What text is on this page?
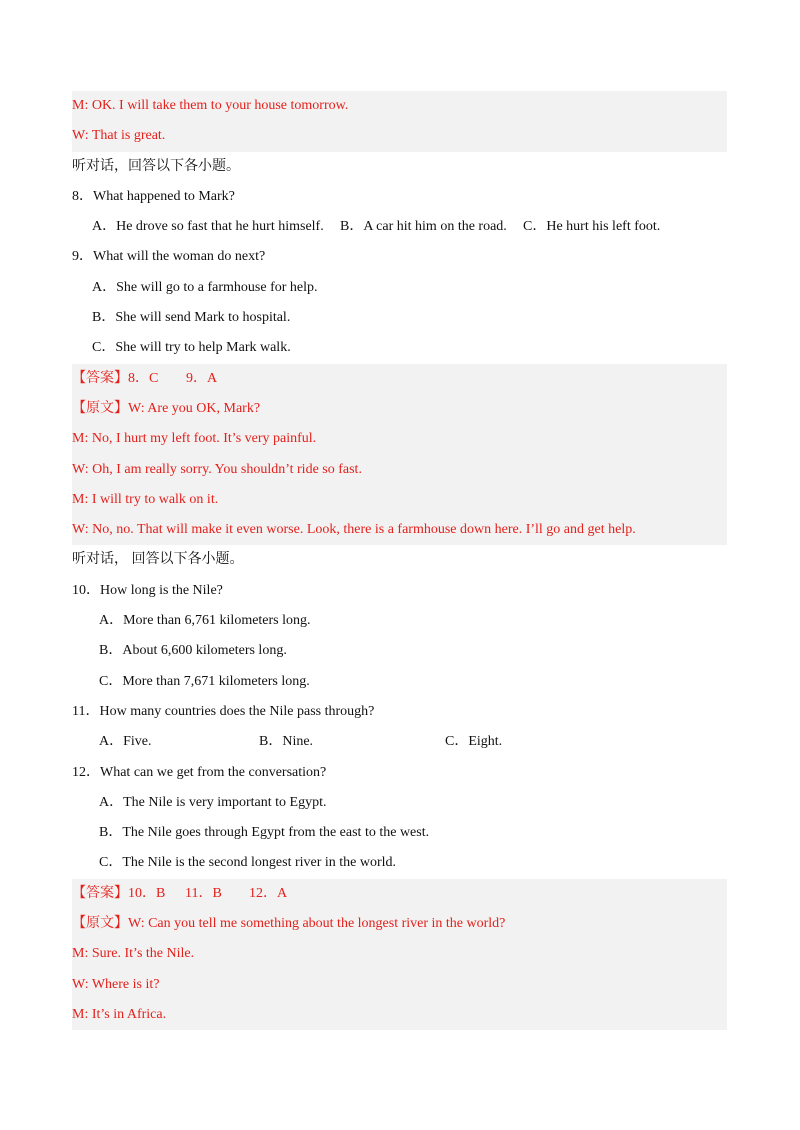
M: OK. I will take them to your house tomorrow.
W: That is great.
听对话，回答以下各小题。
8．What happened to Mark?
A．He drove so fast that he hurt himself.	B．A car hit him on the road.	C．He hurt his left foot.
9．What will the woman do next?
A．She will go to a farmhouse for help.
B．She will send Mark to hospital.
C．She will try to help Mark walk.
【答案】8．C 9．A
【原文】W: Are you OK, Mark?
M: No, I hurt my left foot. It’s very painful.
W: Oh, I am really sorry. You shouldn’t ride so fast.
M: I will try to walk on it.
W: No, no. That will make it even worse. Look, there is a farmhouse down here. I’ll go and get help.
听对话， 回答以下各小题。
10．How long is the Nile?
A．More than 6,761 kilometers long.
B．About 6,600 kilometers long.
C．More than 7,671 kilometers long.
11．How many countries does the Nile pass through?
A．Five.	B．Nine.	C．Eight.
12．What can we get from the conversation?
A．The Nile is very important to Egypt.
B．The Nile goes through Egypt from the east to the west.
C．The Nile is the second longest river in the world.
【答案】10．B 11．B 12．A
【原文】W: Can you tell me something about the longest river in the world?
M: Sure. It’s the Nile.
W: Where is it?
M: It’s in Africa.
